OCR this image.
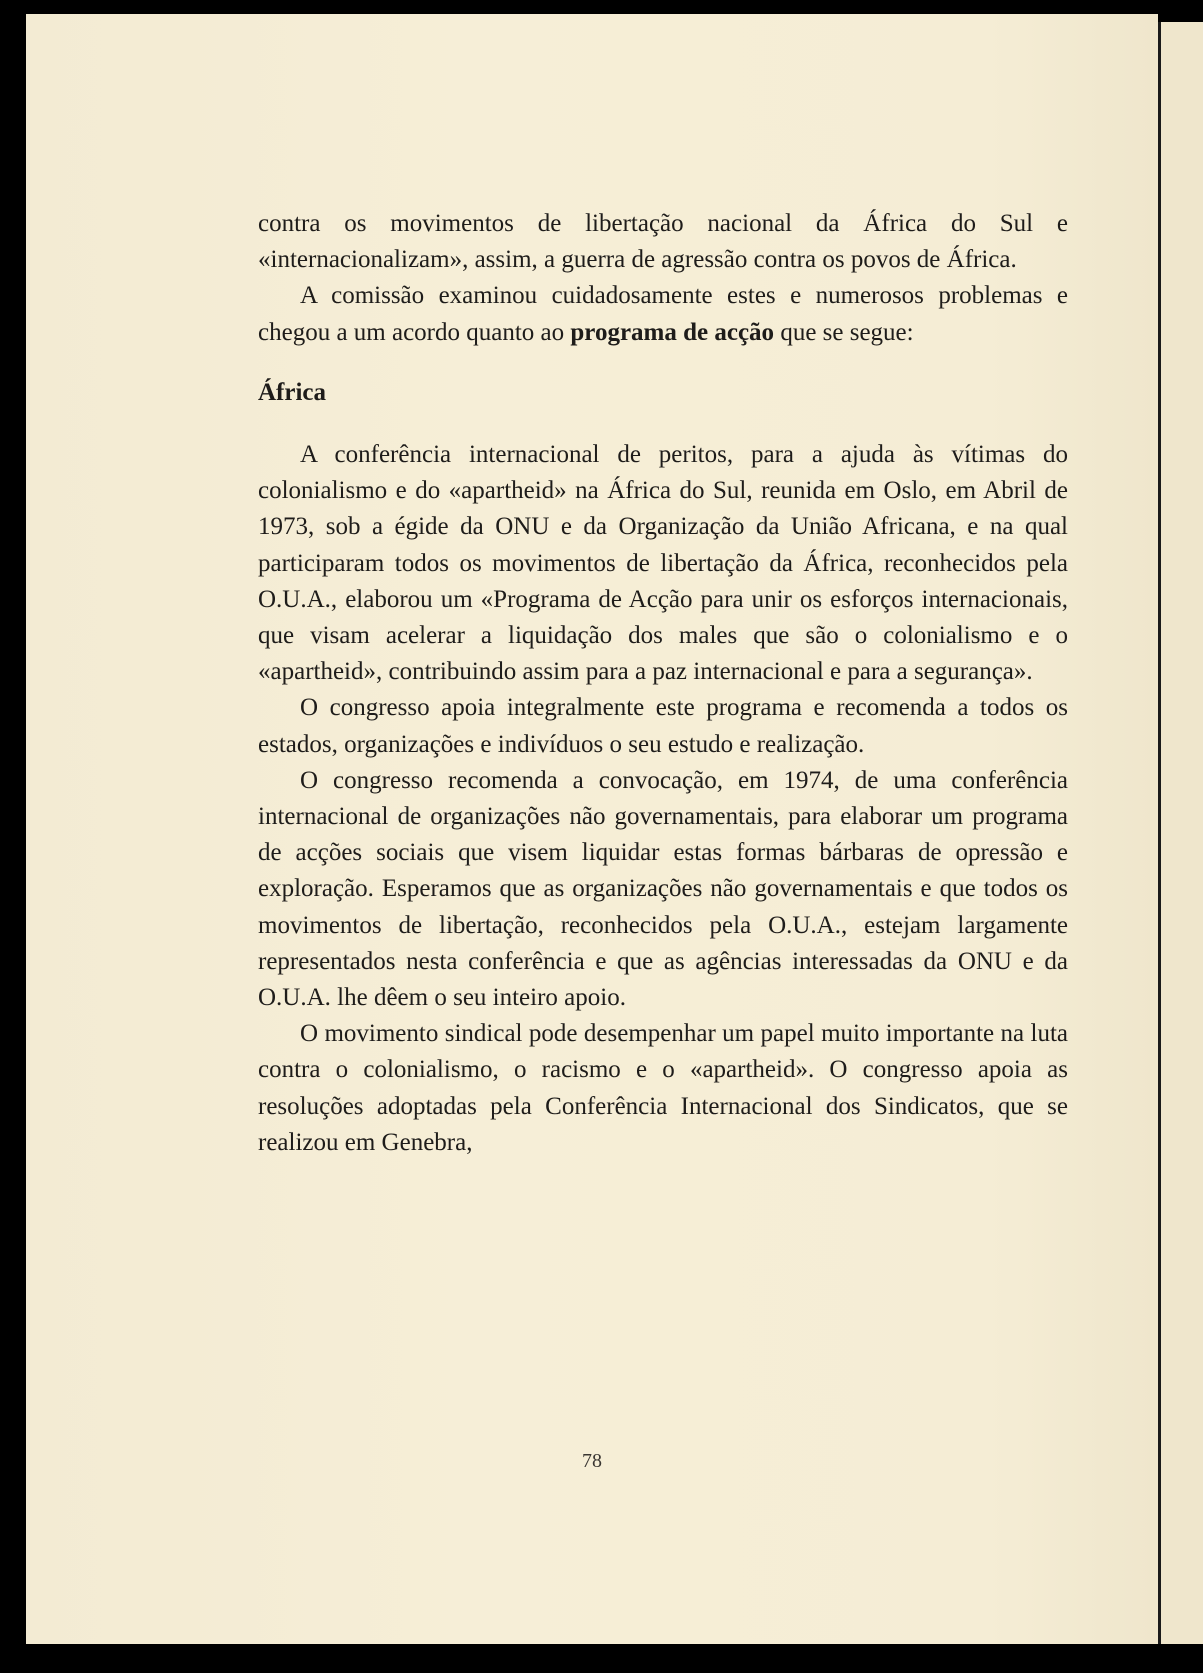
contra os movimentos de libertação nacional da África do Sul e «internacionalizam», assim, a guerra de agressão contra os povos de África.

A comissão examinou cuidadosamente estes e numerosos problemas e chegou a um acordo quanto ao programa de acção que se segue:

África

A conferência internacional de peritos, para a ajuda às vítimas do colonialismo e do «apartheid» na África do Sul, reunida em Oslo, em Abril de 1973, sob a égide da ONU e da Organização da União Africana, e na qual participaram todos os movimentos de libertação da África, reconhecidos pela O.U.A., elaborou um «Programa de Acção para unir os esforços internacionais, que visam acelerar a liquidação dos males que são o colonialismo e o «apartheid», contribuindo assim para a paz internacional e para a segurança».

O congresso apoia integralmente este programa e recomenda a todos os estados, organizações e indivíduos o seu estudo e realização.

O congresso recomenda a convocação, em 1974, de uma conferência internacional de organizações não governamentais, para elaborar um programa de acções sociais que visem liquidar estas formas bárbaras de opressão e exploração. Esperamos que as organizações não governamentais e que todos os movimentos de libertação, reconhecidos pela O.U.A., estejam largamente representados nesta conferência e que as agências interessadas da ONU e da O.U.A. lhe dêem o seu inteiro apoio.

O movimento sindical pode desempenhar um papel muito importante na luta contra o colonialismo, o racismo e o «apartheid». O congresso apoia as resoluções adoptadas pela Conferência Internacional dos Sindicatos, que se realizou em Genebra,

78
